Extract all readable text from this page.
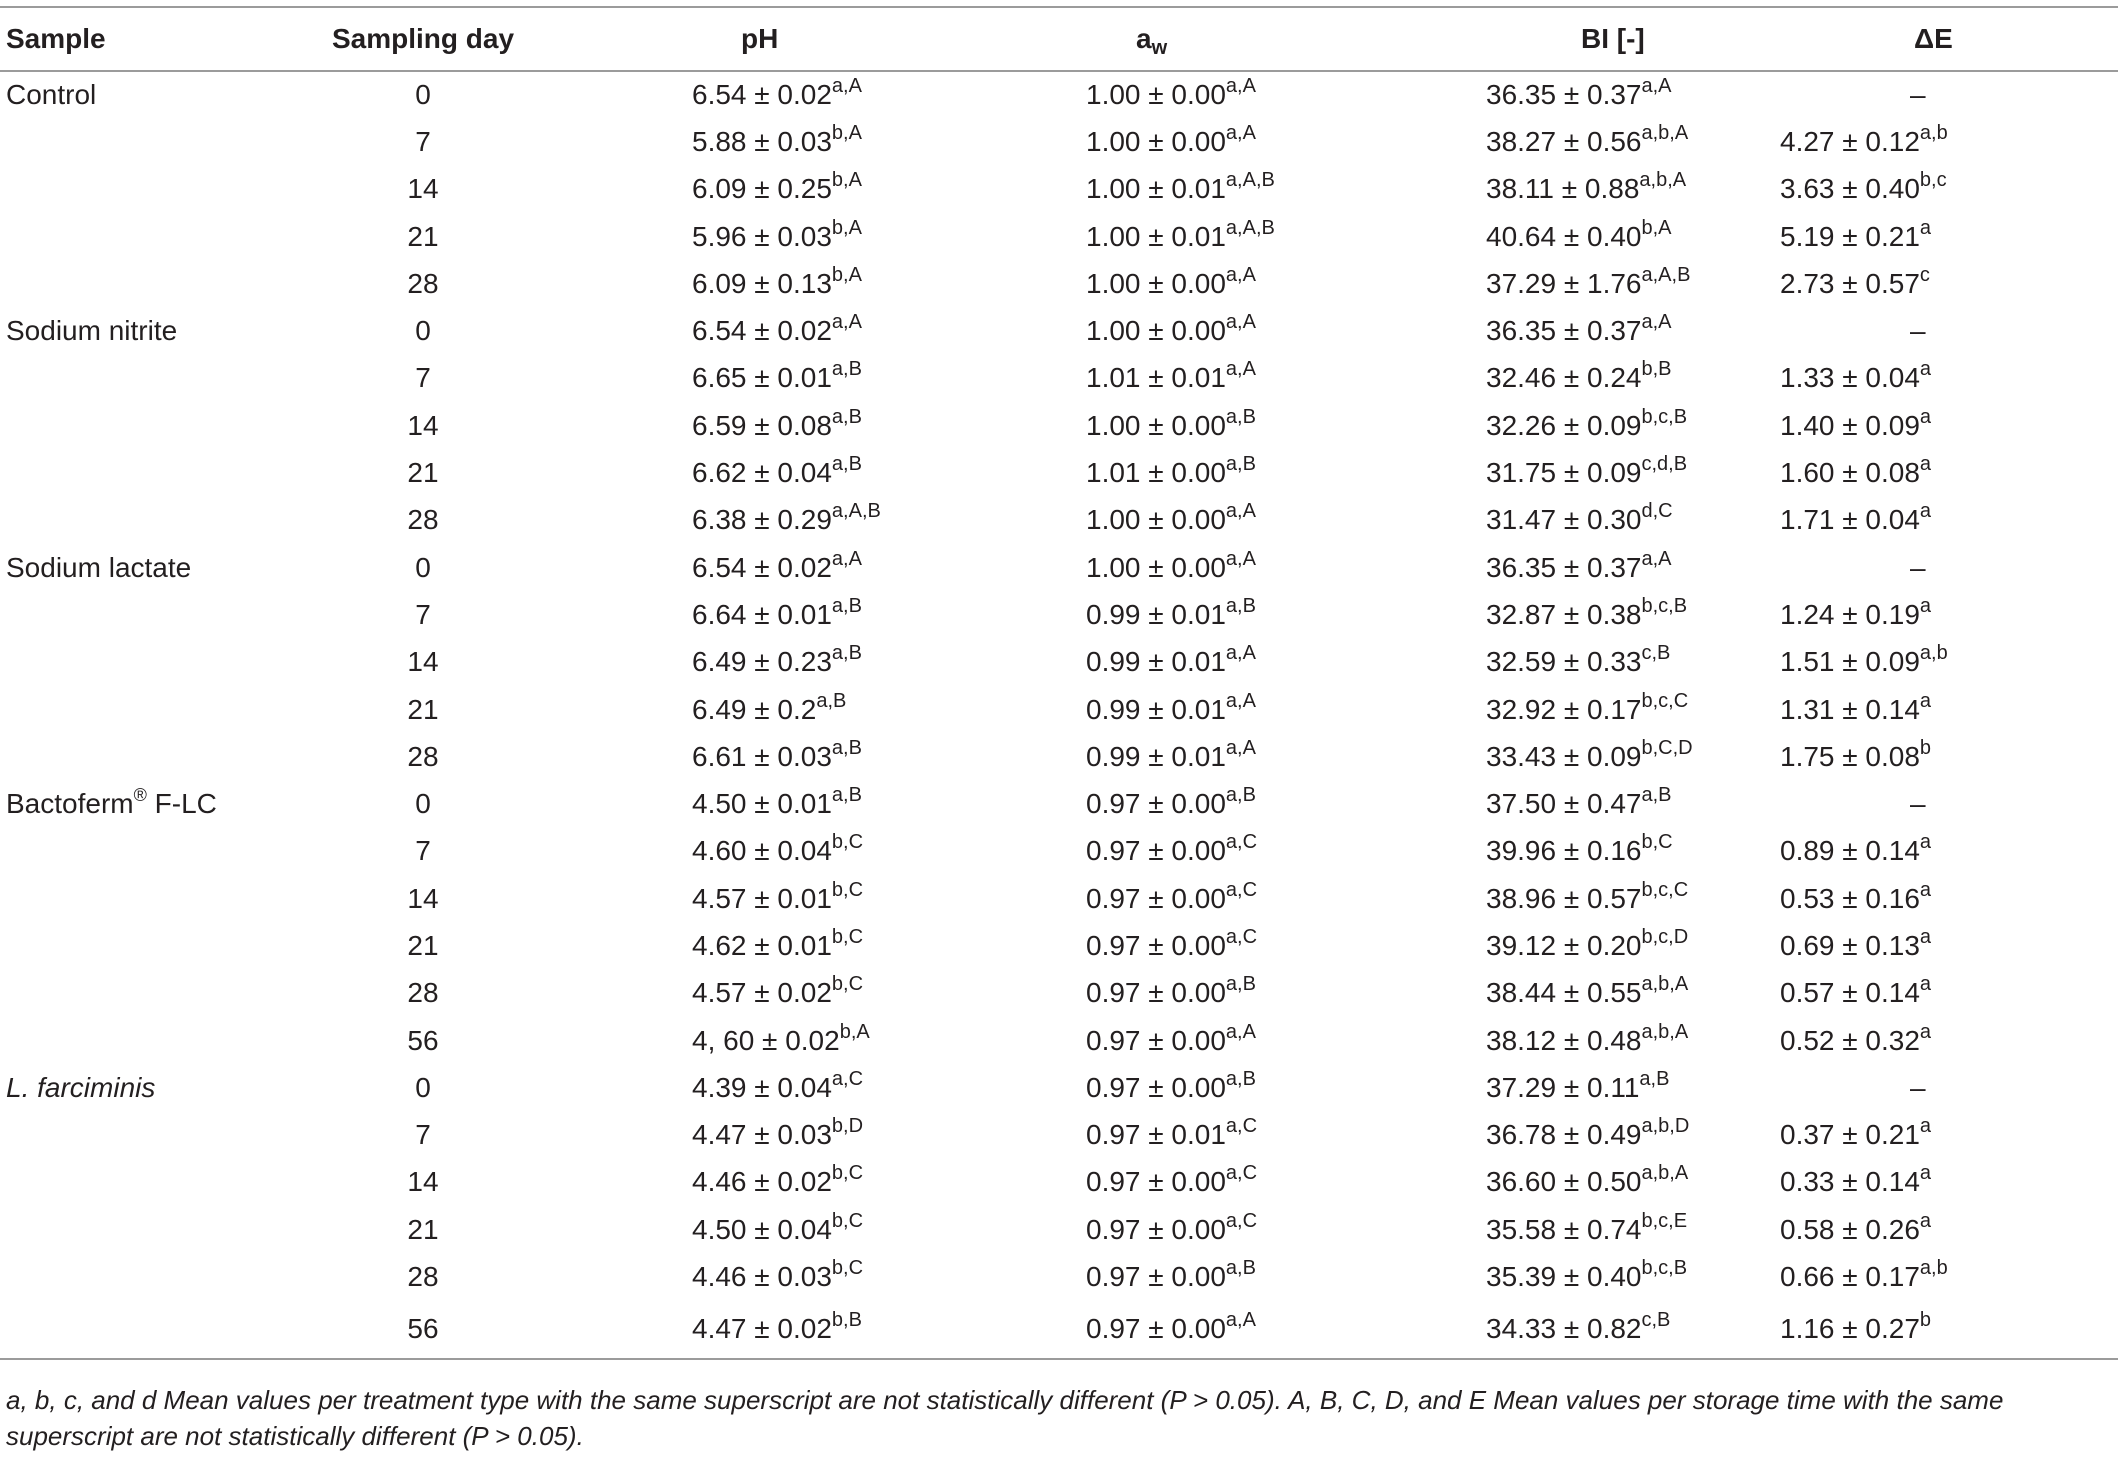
Sample	Sampling day	pH		$a_w$	BI [-]	ΔE
Control	0	$6.54 \pm 0.02^{a,A}$		$1.00 \pm 0.00^{a,A}$	$36.35 \pm 0.37^{a,A}$	–
	7	$5.88 \pm 0.03^{b,A}$		$1.00 \pm 0.00^{a,A}$	$38.27 \pm 0.56^{a,b,A}$	$4.27 \pm 0.12^{a,b}$
	14	$6.09 \pm 0.25^{b,A}$		$1.00 \pm 0.01^{a,A,B}$	$38.11 \pm 0.88^{a,b,A}$	$3.63 \pm 0.40^{b,c}$
	21	$5.96 \pm 0.03^{b,A}$		$1.00 \pm 0.01^{a,A,B}$	$40.64 \pm 0.40^{b,A}$	5.19 ± 0.21$^a$
	28	$6.09 \pm 0.13^{b,A}$		$1.00 \pm 0.00^{a,A}$	$37.29 \pm 1.76^{a,A,B}$	2.73 ± 0.57$^c$
Sodium nitrite	0	$6.54 \pm 0.02^{a,A}$		$1.00 \pm 0.00^{a,A}$	$36.35 \pm 0.37^{a,A}$	–
	7	$6.65 \pm 0.01^{a,B}$		$1.01 \pm 0.01^{a,A}$	$32.46 \pm 0.24^{b,B}$	1.33 ± 0.04$^a$
	14	$6.59 \pm 0.08^{a,B}$		$1.00 \pm 0.00^{a,B}$	$32.26 \pm 0.09^{b,c,B}$	1.40 ± 0.09$^a$
	21	$6.62 \pm 0.04^{a,B}$		$1.01 \pm 0.00^{a,B}$	$31.75 \pm 0.09^{c,d,B}$	1.60 ± 0.08$^a$
	28	$6.38 \pm 0.29^{a,A,B}$		$1.00 \pm 0.00^{a,A}$	$31.47 \pm 0.30^{d,C}$	1.71 ± 0.04$^a$
Sodium lactate	0	$6.54 \pm 0.02^{a,A}$		$1.00 \pm 0.00^{a,A}$	$36.35 \pm 0.37^{a,A}$	–
	7	$6.64 \pm 0.01^{a,B}$		$0.99 \pm 0.01^{a,B}$	$32.87 \pm 0.38^{b,c,B}$	1.24 ± 0.19$^a$
	14	$6.49 \pm 0.23^{a,B}$		$0.99 \pm 0.01^{a,A}$	$32.59 \pm 0.33^{c,B}$	$1.51 \pm 0.09^{a,b}$
	21	$6.49 \pm 0.2^{a,B}$		$0.99 \pm 0.01^{a,A}$	$32.92 \pm 0.17^{b,c,C}$	1.31 ± 0.14$^a$
	28	$6.61 \pm 0.03^{a,B}$		$0.99 \pm 0.01^{a,A}$	$33.43 \pm 0.09^{b,C,D}$	1.75 ± 0.08$^b$
Bactoferm® F-LC	0	$4.50 \pm 0.01^{a,B}$		$0.97 \pm 0.00^{a,B}$	$37.50 \pm 0.47^{a,B}$	–
	7	$4.60 \pm 0.04^{b,C}$		$0.97 \pm 0.00^{a,C}$	$39.96 \pm 0.16^{b,C}$	0.89 ± 0.14$^a$
	14	$4.57 \pm 0.01^{b,C}$		$0.97 \pm 0.00^{a,C}$	$38.96 \pm 0.57^{b,c,C}$	0.53 ± 0.16$^a$
	21	$4.62 \pm 0.01^{b,C}$		$0.97 \pm 0.00^{a,C}$	$39.12 \pm 0.20^{b,c,D}$	0.69 ± 0.13$^a$
	28	$4.57 \pm 0.02^{b,C}$		$0.97 \pm 0.00^{a,B}$	$38.44 \pm 0.55^{a,b,A}$	0.57 ± 0.14$^a$
	56	4, $60 \pm 0.02^{b,A}$		$0.97 \pm 0.00^{a,A}$	$38.12 \pm 0.48^{a,b,A}$	0.52 ± 0.32$^a$
L. farciminis	0	$4.39 \pm 0.04^{a,C}$		$0.97 \pm 0.00^{a,B}$	$37.29 \pm 0.11^{a,B}$	–
	7	$4.47 \pm 0.03^{b,D}$		$0.97 \pm 0.01^{a,C}$	$36.78 \pm 0.49^{a,b,D}$	0.37 ± 0.21$^a$
	14	$4.46 \pm 0.02^{b,C}$		$0.97 \pm 0.00^{a,C}$	$36.60 \pm 0.50^{a,b,A}$	0.33 ± 0.14$^a$
	21	$4.50 \pm 0.04^{b,C}$		$0.97 \pm 0.00^{a,C}$	$35.58 \pm 0.74^{b,c,E}$	0.58 ± 0.26$^a$
	28	$4.46 \pm 0.03^{b,C}$		$0.97 \pm 0.00^{a,B}$	$35.39 \pm 0.40^{b,c,B}$	$0.66 \pm 0.17^{a,b}$
	56	$4.47 \pm 0.02^{b,B}$		$0.97 \pm 0.00^{a,A}$	$34.33 \pm 0.82^{c,B}$	1.16 ± 0.27$^b$
a, b, c, and d Mean values per treatment type with the same superscript are not statistically different (P > 0.05). A, B, C, D, and E Mean values per storage time with the same superscript are not statistically different (P > 0.05).
